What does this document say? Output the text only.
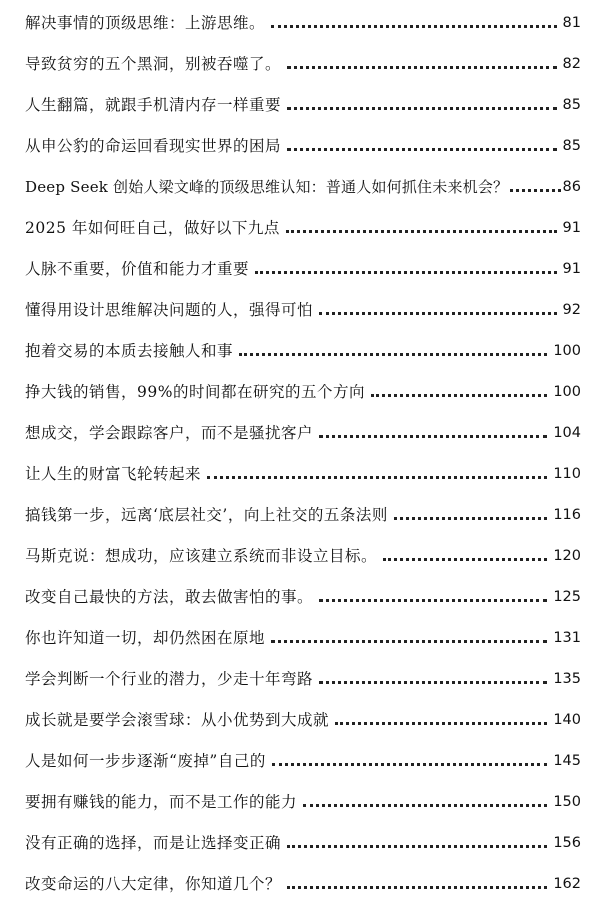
解决事情的顶级思维：上游思维。	81
导致贫穷的五个黑洞，别被吞噬了。	82
人生翻篇，就跟手机清内存一样重要	85
从申公豹的命运回看现实世界的困局	85
Deep Seek 创始人梁文峰的顶级思维认知：普通人如何抓住未来机会？	86
2025 年如何旺自己，做好以下九点	91
人脉不重要，价值和能力才重要	91
懂得用设计思维解决问题的人，强得可怕	92
抱着交易的本质去接触人和事	100
挣大钱的销售，99%的时间都在研究的五个方向	100
想成交，学会跟踪客户，而不是骚扰客户	104
让人生的财富飞轮转起来	110
搞钱第一步，远离‘底层社交’，向上社交的五条法则	116
马斯克说：想成功，应该建立系统而非设立目标。	120
改变自己最快的方法，敢去做害怕的事。	125
你也许知道一切，却仍然困在原地	131
学会判断一个行业的潜力，少走十年弯路	135
成长就是要学会滚雪球：从小优势到大成就	140
人是如何一步步逐渐“废掉”自己的	145
要拥有赚钱的能力，而不是工作的能力	150
没有正确的选择，而是让选择变正确	156
改变命运的八大定律，你知道几个？	162
